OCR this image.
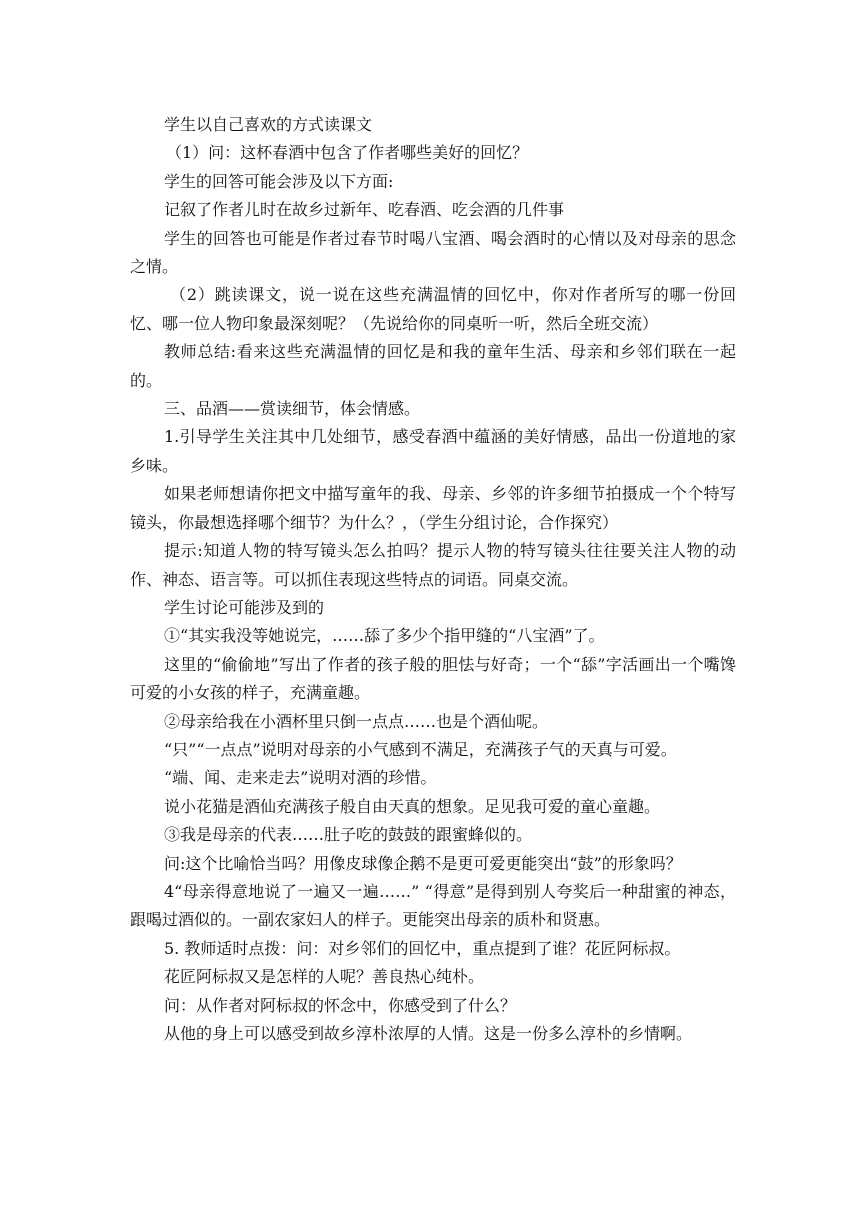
学生以自己喜欢的方式读课文

（1）问：这杯春酒中包含了作者哪些美好的回忆？

学生的回答可能会涉及以下方面:

记叙了作者儿时在故乡过新年、吃春酒、吃会酒的几件事

学生的回答也可能是作者过春节时喝八宝酒、喝会酒时的心情以及对母亲的思念之情。

（2）跳读课文，说一说在这些充满温情的回忆中，你对作者所写的哪一份回忆、哪一位人物印象最深刻呢？（先说给你的同桌听一听，然后全班交流）

教师总结:看来这些充满温情的回忆是和我的童年生活、母亲和乡邻们联在一起的。

三、品酒——赏读细节，体会情感。

1.引导学生关注其中几处细节，感受春酒中蕴涵的美好情感，品出一份道地的家乡味。

如果老师想请你把文中描写童年的我、母亲、乡邻的许多细节拍摄成一个个特写镜头，你最想选择哪个细节？为什么？，（学生分组讨论，合作探究）

提示:知道人物的特写镜头怎么拍吗？提示人物的特写镜头往往要关注人物的动作、神态、语言等。可以抓住表现这些特点的词语。同桌交流。

学生讨论可能涉及到的

①“其实我没等她说完，……舔了多少个指甲缝的“八宝酒”了。

这里的“偷偷地”写出了作者的孩子般的胆怯与好奇；一个“舔”字活画出一个嘴馋可爱的小女孩的样子，充满童趣。

②母亲给我在小酒杯里只倒一点点……也是个酒仙呢。

“只”“一点点”说明对母亲的小气感到不满足，充满孩子气的天真与可爱。

“端、闻、走来走去”说明对酒的珍惜。

说小花猫是酒仙充满孩子般自由天真的想象。足见我可爱的童心童趣。

③我是母亲的代表……肚子吃的鼓鼓的跟蜜蜂似的。

问:这个比喻恰当吗？用像皮球像企鹅不是更可爱更能突出“鼓”的形象吗？

4“母亲得意地说了一遍又一遍……” “得意”是得到别人夸奖后一种甜蜜的神态，跟喝过酒似的。一副农家妇人的样子。更能突出母亲的质朴和贤惠。

5. 教师适时点拨：问：对乡邻们的回忆中，重点提到了谁？花匠阿标叔。

花匠阿标叔又是怎样的人呢？善良热心纯朴。

问：从作者对阿标叔的怀念中，你感受到了什么？

从他的身上可以感受到故乡淳朴浓厚的人情。这是一份多么淳朴的乡情啊。
